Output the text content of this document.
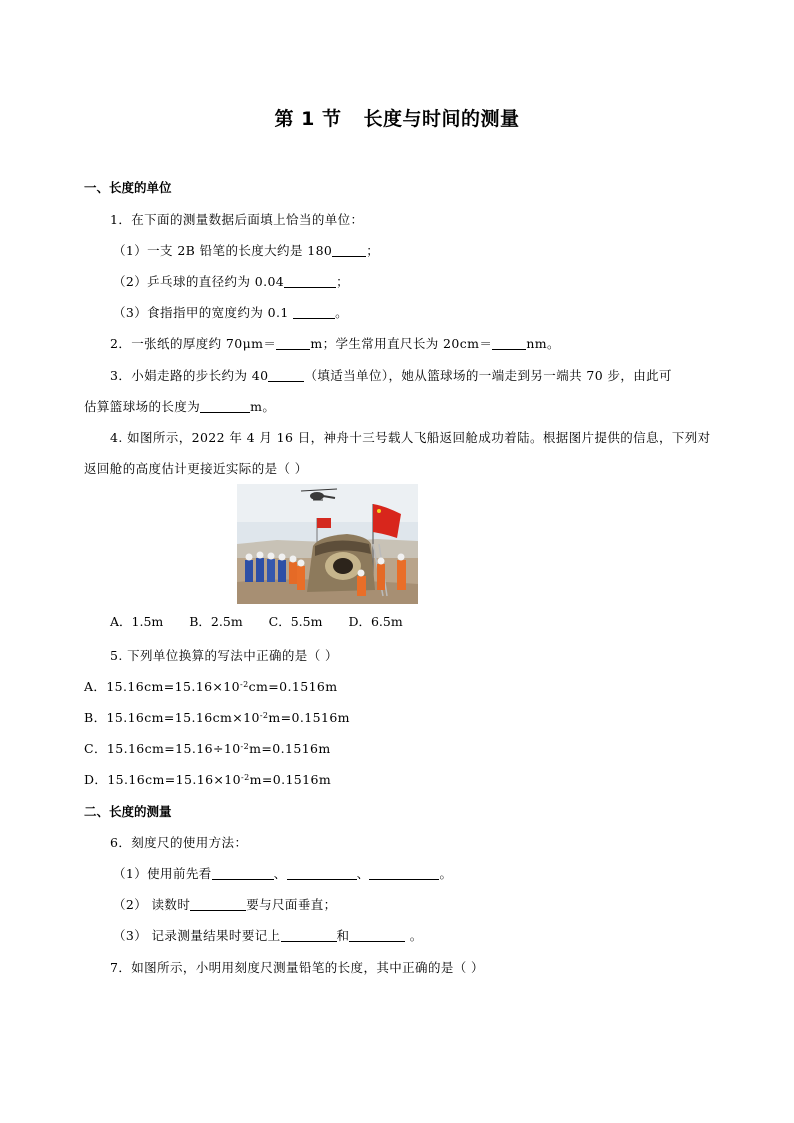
第 1 节 长度与时间的测量
一、长度的单位
1．在下面的测量数据后面填上恰当的单位：
（1）一支 2B 铅笔的长度大约是 180	；
（2）乒乓球的直径约为 0.04	；
（3）食指指甲的宽度约为 0.1	。
2．一张纸的厚度约 70μm＝	m；学生常用直尺长为 20cm＝	nm。
3．小娟走路的步长约为 40	（填适当单位），她从篮球场的一端走到另一端共 70 步，由此可
估算篮球场的长度为	m。
4. 如图所示，2022 年 4 月 16 日，神舟十三号载人飞船返回舱成功着陆。根据图片提供的信息，下列对
返回舱的高度估计更接近实际的是（ ）
A．1.5m B．2.5m C．5.5m D．6.5m
5. 下列单位换算的写法中正确的是（ ）
A．$15.16cm=15.16\times 10^{-2}cm=0.1516m$
B．$15.16cm=15.16cm\times 10^{-2}m=0.1516m$
C．$15.16cm=15.16\div 10^{-2}m=0.1516m$
D．$15.16cm=15.16\times 10^{-2}m=0.1516m$
二、长度的测量
6．刻度尺的使用方法：
（1）使用前先看	、	、	。
（2） 读数时	要与尺面垂直；
（3） 记录测量结果时要记上	和	。
7．如图所示，小明用刻度尺测量铅笔的长度，其中正确的是（ ）
